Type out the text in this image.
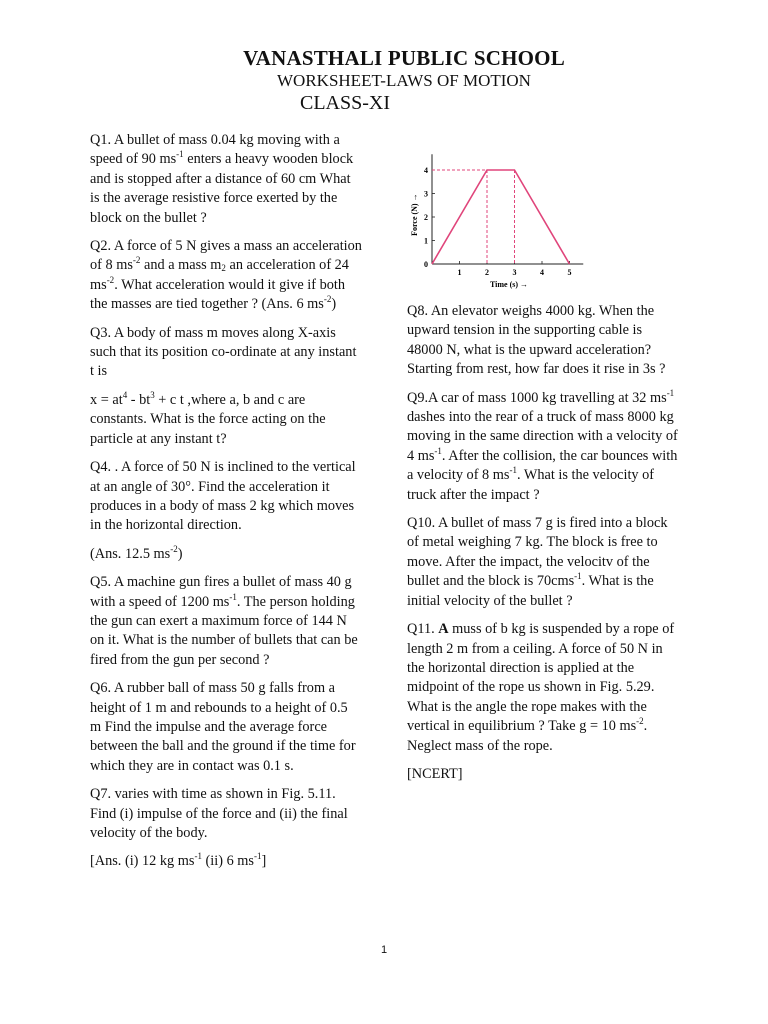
VANASTHALI PUBLIC SCHOOL
WORKSHEET-LAWS OF MOTION
CLASS-XI

Q1. A bullet of mass 0.04 kg moving with a speed of 90 $ms^{-1}$ enters a heavy wooden block and is stopped after a distance of 60 cm What is the average resistive force exerted by the block on the bullet ?

Q2. A force of 5 N gives a mass an acceleration of 8 $ms^{-2}$ and a mass $m_2$ an acceleration of 24 $ms^{-2}$. What acceleration would it give if both the masses are tied together ? (Ans. 6 $ms^{-2}$)

Q3. A body of mass m moves along X-axis such that its position co-ordinate at any instant t is

$x = at^4 - bt^3 + c$ t ,where a, b and c are constants. What is the force acting on the particle at any instant t?

Q4. . A force of 50 N is inclined to the vertical at an angle of 30°. Find the acceleration it produces in a body of mass 2 kg which moves in the horizontal direction.

(Ans. 12.5 $ms^{-2}$)

Q5. A machine gun fires a bullet of mass 40 g with a speed of 1200 $ms^{-1}$. The person holding the gun can exert a maximum force of 144 N on it. What is the number of bullets that can be fired from the gun per second ?

Q6. A rubber ball of mass 50 g falls from a height of 1 m and rebounds to a height of 0.5 m Find the impulse and the average force between the ball and the ground if the time for which they are in contact was 0.1 s.

Q7. varies with time as shown in Fig. 5.11. Find (i) impulse of the force and (ii) the final velocity of the body.

[Ans. (i) 12 kg $ms^{-1}$ (ii) 6 $ms^{-1}$]

1	2	3	4	5
1
2
3
4
0
Time (s) →
Force (N) →

Q8. An elevator weighs 4000 kg. When the upward tension in the supporting cable is 48000 N, what is the upward acceleration? Starting from rest, how far does it rise in 3s ?

Q9.A car of mass 1000 kg travelling at 32 $ms^{-1}$ dashes into the rear of a truck of mass 8000 kg moving in the same direction with a velocity of 4 $ms^{-1}$. After the collision, the car bounces with a velocity of 8 $ms^{-1}$. What is the velocity of truck after the impact ?

Q10. A bullet of mass 7 g is fired into a block of metal weighing 7 kg. The block is free to move. After the impact, the velocitv of the bullet and the block is 70cms$^{-1}$. What is the initial velocity of the bullet ?

Q11. A muss of b kg is suspended by a rope of length 2 m from a ceiling. A force of 50 N in the horizontal direction is applied at the midpoint of the rope us shown in Fig. 5.29. What is the angle the rope makes with the vertical in equilibrium ? Take g = 10 $ms^{-2}$. Neglect mass of the rope.

[NCERT]

1
